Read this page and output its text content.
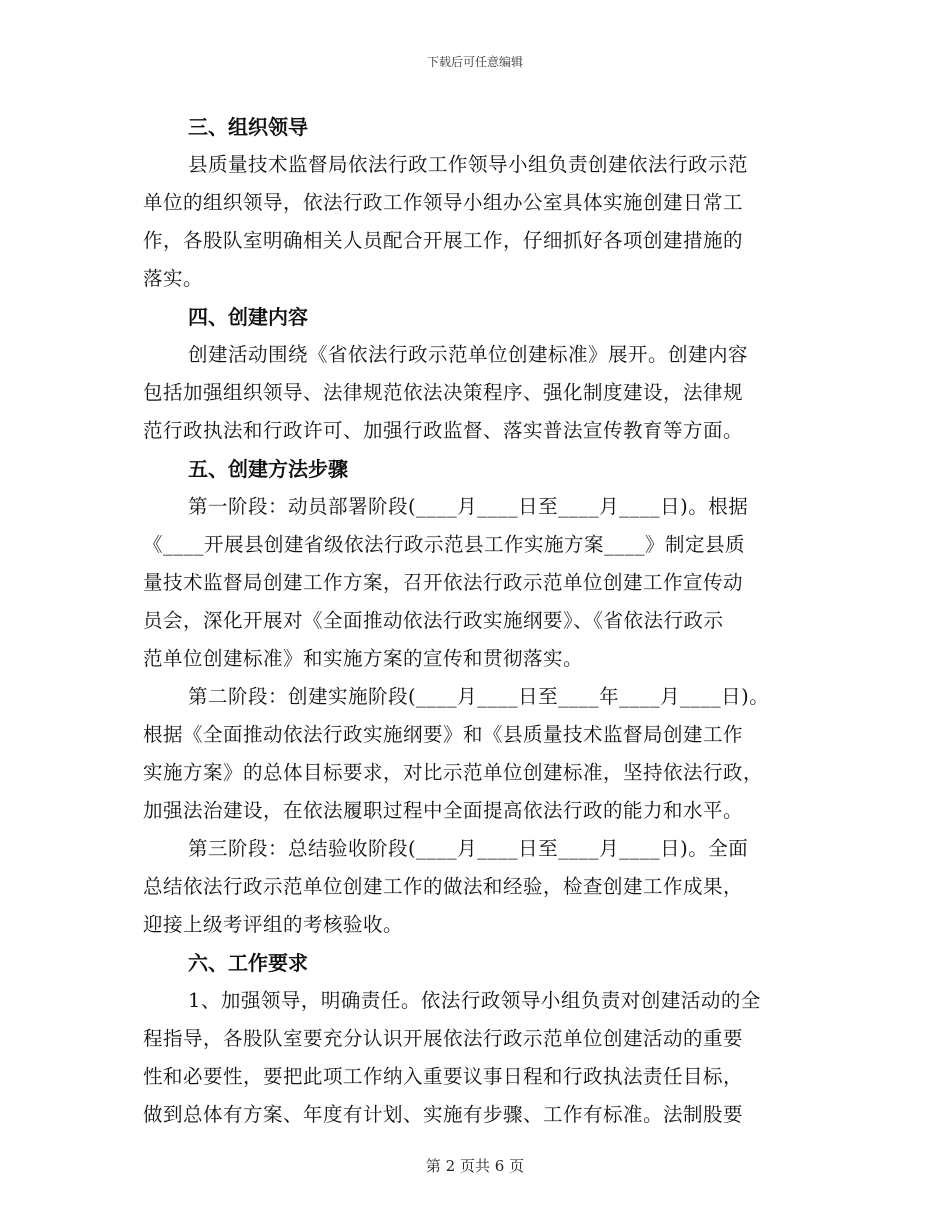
下载后可任意编辑

三、组织领导

县质量技术监督局依法行政工作领导小组负责创建依法行政示范
单位的组织领导，依法行政工作领导小组办公室具体实施创建日常工
作，各股队室明确相关人员配合开展工作，仔细抓好各项创建措施的
落实。

四、创建内容

创建活动围绕《省依法行政示范单位创建标准》展开。创建内容
包括加强组织领导、法律规范依法决策程序、强化制度建设，法律规
范行政执法和行政许可、加强行政监督、落实普法宣传教育等方面。

五、创建方法步骤

第一阶段：动员部署阶段(____月____日至____月____日)。根据
《____开展县创建省级依法行政示范县工作实施方案____》制定县质
量技术监督局创建工作方案，召开依法行政示范单位创建工作宣传动
员会，深化开展对《全面推动依法行政实施纲要》、《省依法行政示
范单位创建标准》和实施方案的宣传和贯彻落实。

第二阶段：创建实施阶段(____月____日至____年____月____日)。
根据《全面推动依法行政实施纲要》和《县质量技术监督局创建工作
实施方案》的总体目标要求，对比示范单位创建标准，坚持依法行政，
加强法治建设，在依法履职过程中全面提高依法行政的能力和水平。

第三阶段：总结验收阶段(____月____日至____月____日)。全面
总结依法行政示范单位创建工作的做法和经验，检查创建工作成果，
迎接上级考评组的考核验收。

六、工作要求

1、加强领导，明确责任。依法行政领导小组负责对创建活动的全
程指导，各股队室要充分认识开展依法行政示范单位创建活动的重要
性和必要性，要把此项工作纳入重要议事日程和行政执法责任目标，
做到总体有方案、年度有计划、实施有步骤、工作有标准。法制股要

第 2 页共 6 页
